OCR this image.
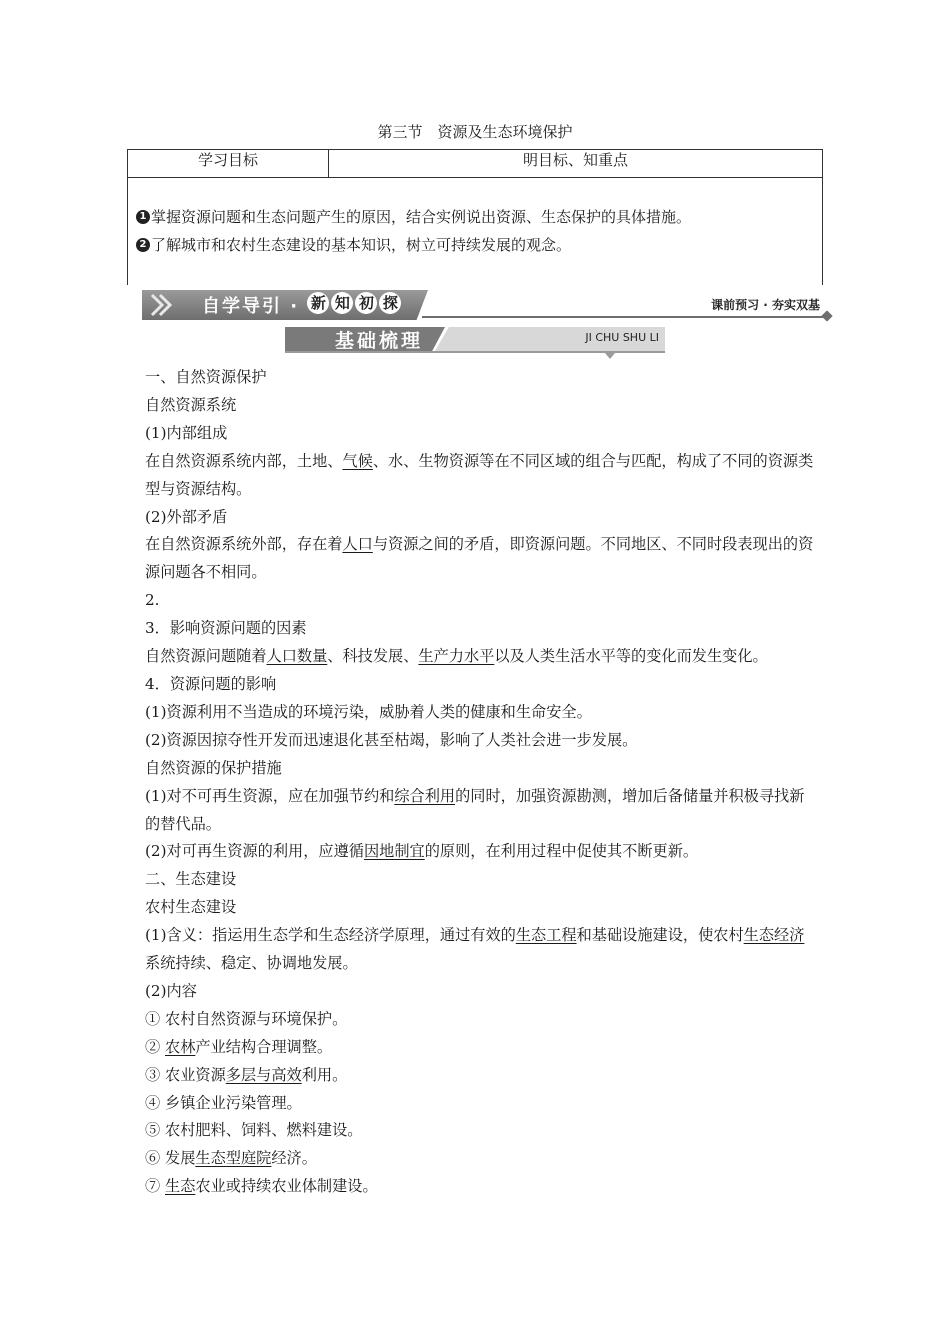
第三节　资源及生态环境保护
学习目标	明目标、知重点
1 掌握资源问题和生态问题产生的原因，结合实例说出资源、生态保护的具体措施。
2 了解城市和农村生态建设的基本知识，树立可持续发展的观念。
自学导引 · 新 知 初 探	课前预习 · 夯实双基
基础梳理	JI CHU SHU LI

一、自然资源保护

自然资源系统

(1)内部组成

在自然资源系统内部，土地、气候、水、生物资源等在不同区域的组合与匹配，构成了不同的资源类型与资源结构。

(2)外部矛盾

在自然资源系统外部，存在着人口与资源之间的矛盾，即资源问题。不同地区、不同时段表现出的资源问题各不相同。

2.

3．影响资源问题的因素

自然资源问题随着人口数量、科技发展、生产力水平以及人类生活水平等的变化而发生变化。

4．资源问题的影响

(1)资源利用不当造成的环境污染，威胁着人类的健康和生命安全。

(2)资源因掠夺性开发而迅速退化甚至枯竭，影响了人类社会进一步发展。

自然资源的保护措施

(1)对不可再生资源，应在加强节约和综合利用的同时，加强资源勘测，增加后备储量并积极寻找新的替代品。

(2)对可再生资源的利用，应遵循因地制宜的原则，在利用过程中促使其不断更新。

二、生态建设

农村生态建设

(1)含义：指运用生态学和生态经济学原理，通过有效的生态工程和基础设施建设，使农村生态经济系统持续、稳定、协调地发展。

(2)内容

① 农村自然资源与环境保护。

② 农林产业结构合理调整。

③ 农业资源多层与高效利用。

④ 乡镇企业污染管理。

⑤ 农村肥料、饲料、燃料建设。

⑥ 发展生态型庭院经济。

⑦ 生态农业或持续农业体制建设。
